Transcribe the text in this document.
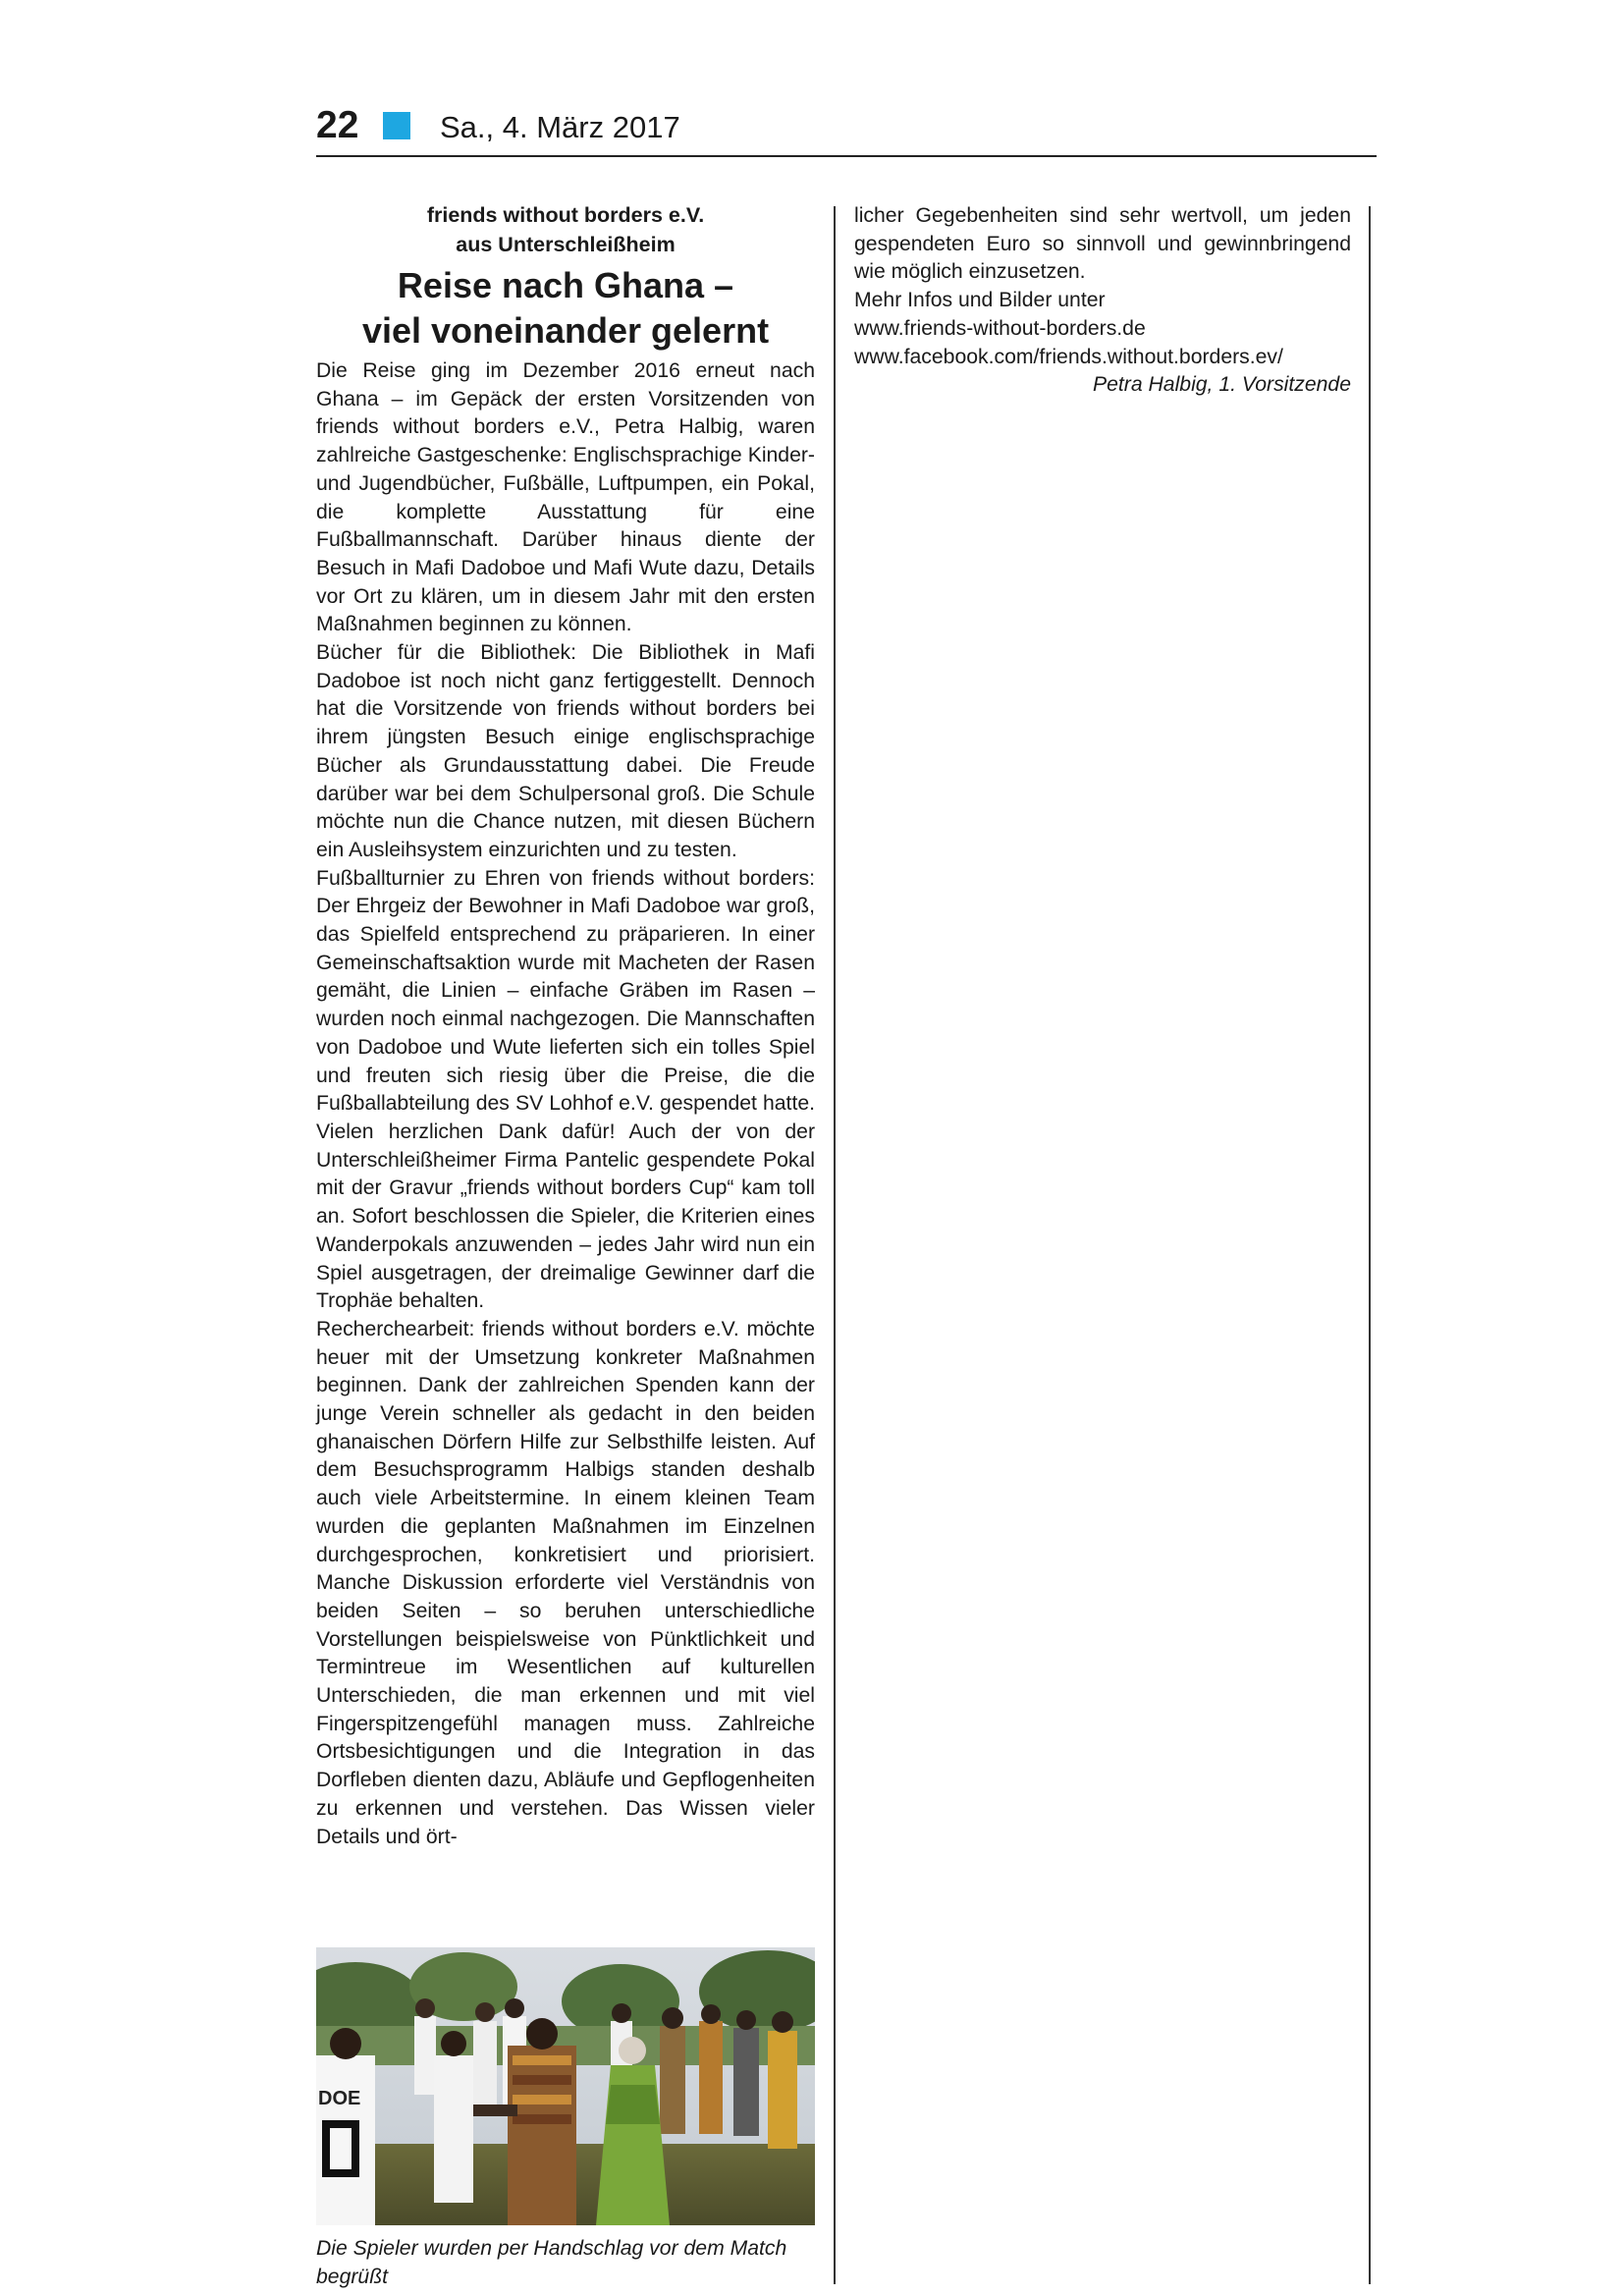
22	Sa., 4. März 2017
friends without borders e.V.
aus Unterschleißheim
Reise nach Ghana –
viel voneinander gelernt

Die Reise ging im Dezember 2016 erneut nach Ghana – im Gepäck der ersten Vorsitzenden von friends without borders e.V., Petra Halbig, waren zahlreiche Gastgeschenke: Englischsprachige Kinder- und Jugendbücher, Fußbälle, Luftpumpen, ein Pokal, die komplette Ausstattung für eine Fußballmannschaft. Darüber hinaus diente der Besuch in Mafi Dadoboe und Mafi Wute dazu, Details vor Ort zu klären, um in diesem Jahr mit den ersten Maßnahmen beginnen zu können.

Bücher für die Bibliothek: Die Bibliothek in Mafi Dadoboe ist noch nicht ganz fertiggestellt. Dennoch hat die Vorsitzende von friends without borders bei ihrem jüngsten Besuch einige englischsprachige Bücher als Grundausstattung dabei. Die Freude darüber war bei dem Schulpersonal groß. Die Schule möchte nun die Chance nutzen, mit diesen Büchern ein Ausleihsystem einzurichten und zu testen.

Fußballturnier zu Ehren von friends without borders: Der Ehrgeiz der Bewohner in Mafi Dadoboe war groß, das Spielfeld entsprechend zu präparieren. In einer Gemeinschaftsaktion wurde mit Macheten der Rasen gemäht, die Linien – einfache Gräben im Rasen – wurden noch einmal nachgezogen. Die Mannschaften von Dadoboe und Wute lieferten sich ein tolles Spiel und freuten sich riesig über die Preise, die die Fußballabteilung des SV Lohhof e.V. gespendet hatte. Vielen herzlichen Dank dafür! Auch der von der Unterschleißheimer Firma Pantelic gespendete Pokal mit der Gravur „friends without borders Cup“ kam toll an. Sofort beschlossen die Spieler, die Kriterien eines Wanderpokals anzuwenden – jedes Jahr wird nun ein Spiel ausgetragen, der dreimalige Gewinner darf die Trophäe behalten.

Recherchearbeit: friends without borders e.V. möchte heuer mit der Umsetzung konkreter Maßnahmen beginnen. Dank der zahlreichen Spenden kann der junge Verein schneller als gedacht in den beiden ghanaischen Dörfern Hilfe zur Selbsthilfe leisten. Auf dem Besuchsprogramm Halbigs standen deshalb auch viele Arbeitstermine. In einem kleinen Team wurden die geplanten Maßnahmen im Einzelnen durchgesprochen, konkretisiert und priorisiert. Manche Diskussion erforderte viel Verständnis von beiden Seiten – so beruhen unterschiedliche Vorstellungen beispielsweise von Pünktlichkeit und Termintreue im Wesentlichen auf kulturellen Unterschieden, die man erkennen und mit viel Fingerspitzengefühl managen muss. Zahlreiche Ortsbesichtigungen und die Integration in das Dorfleben dienten dazu, Abläufe und Gepflogenheiten zu erkennen und verstehen. Das Wissen vieler Details und ört-

DOE
Die Spieler wurden per Handschlag vor dem Match begrüßt

licher Gegebenheiten sind sehr wertvoll, um jeden gespendeten Euro so sinnvoll und gewinnbringend wie möglich einzusetzen.

Mehr Infos und Bilder unter

www.friends-without-borders.de

www.facebook.com/friends.without.borders.ev/

Petra Halbig, 1. Vorsitzende
